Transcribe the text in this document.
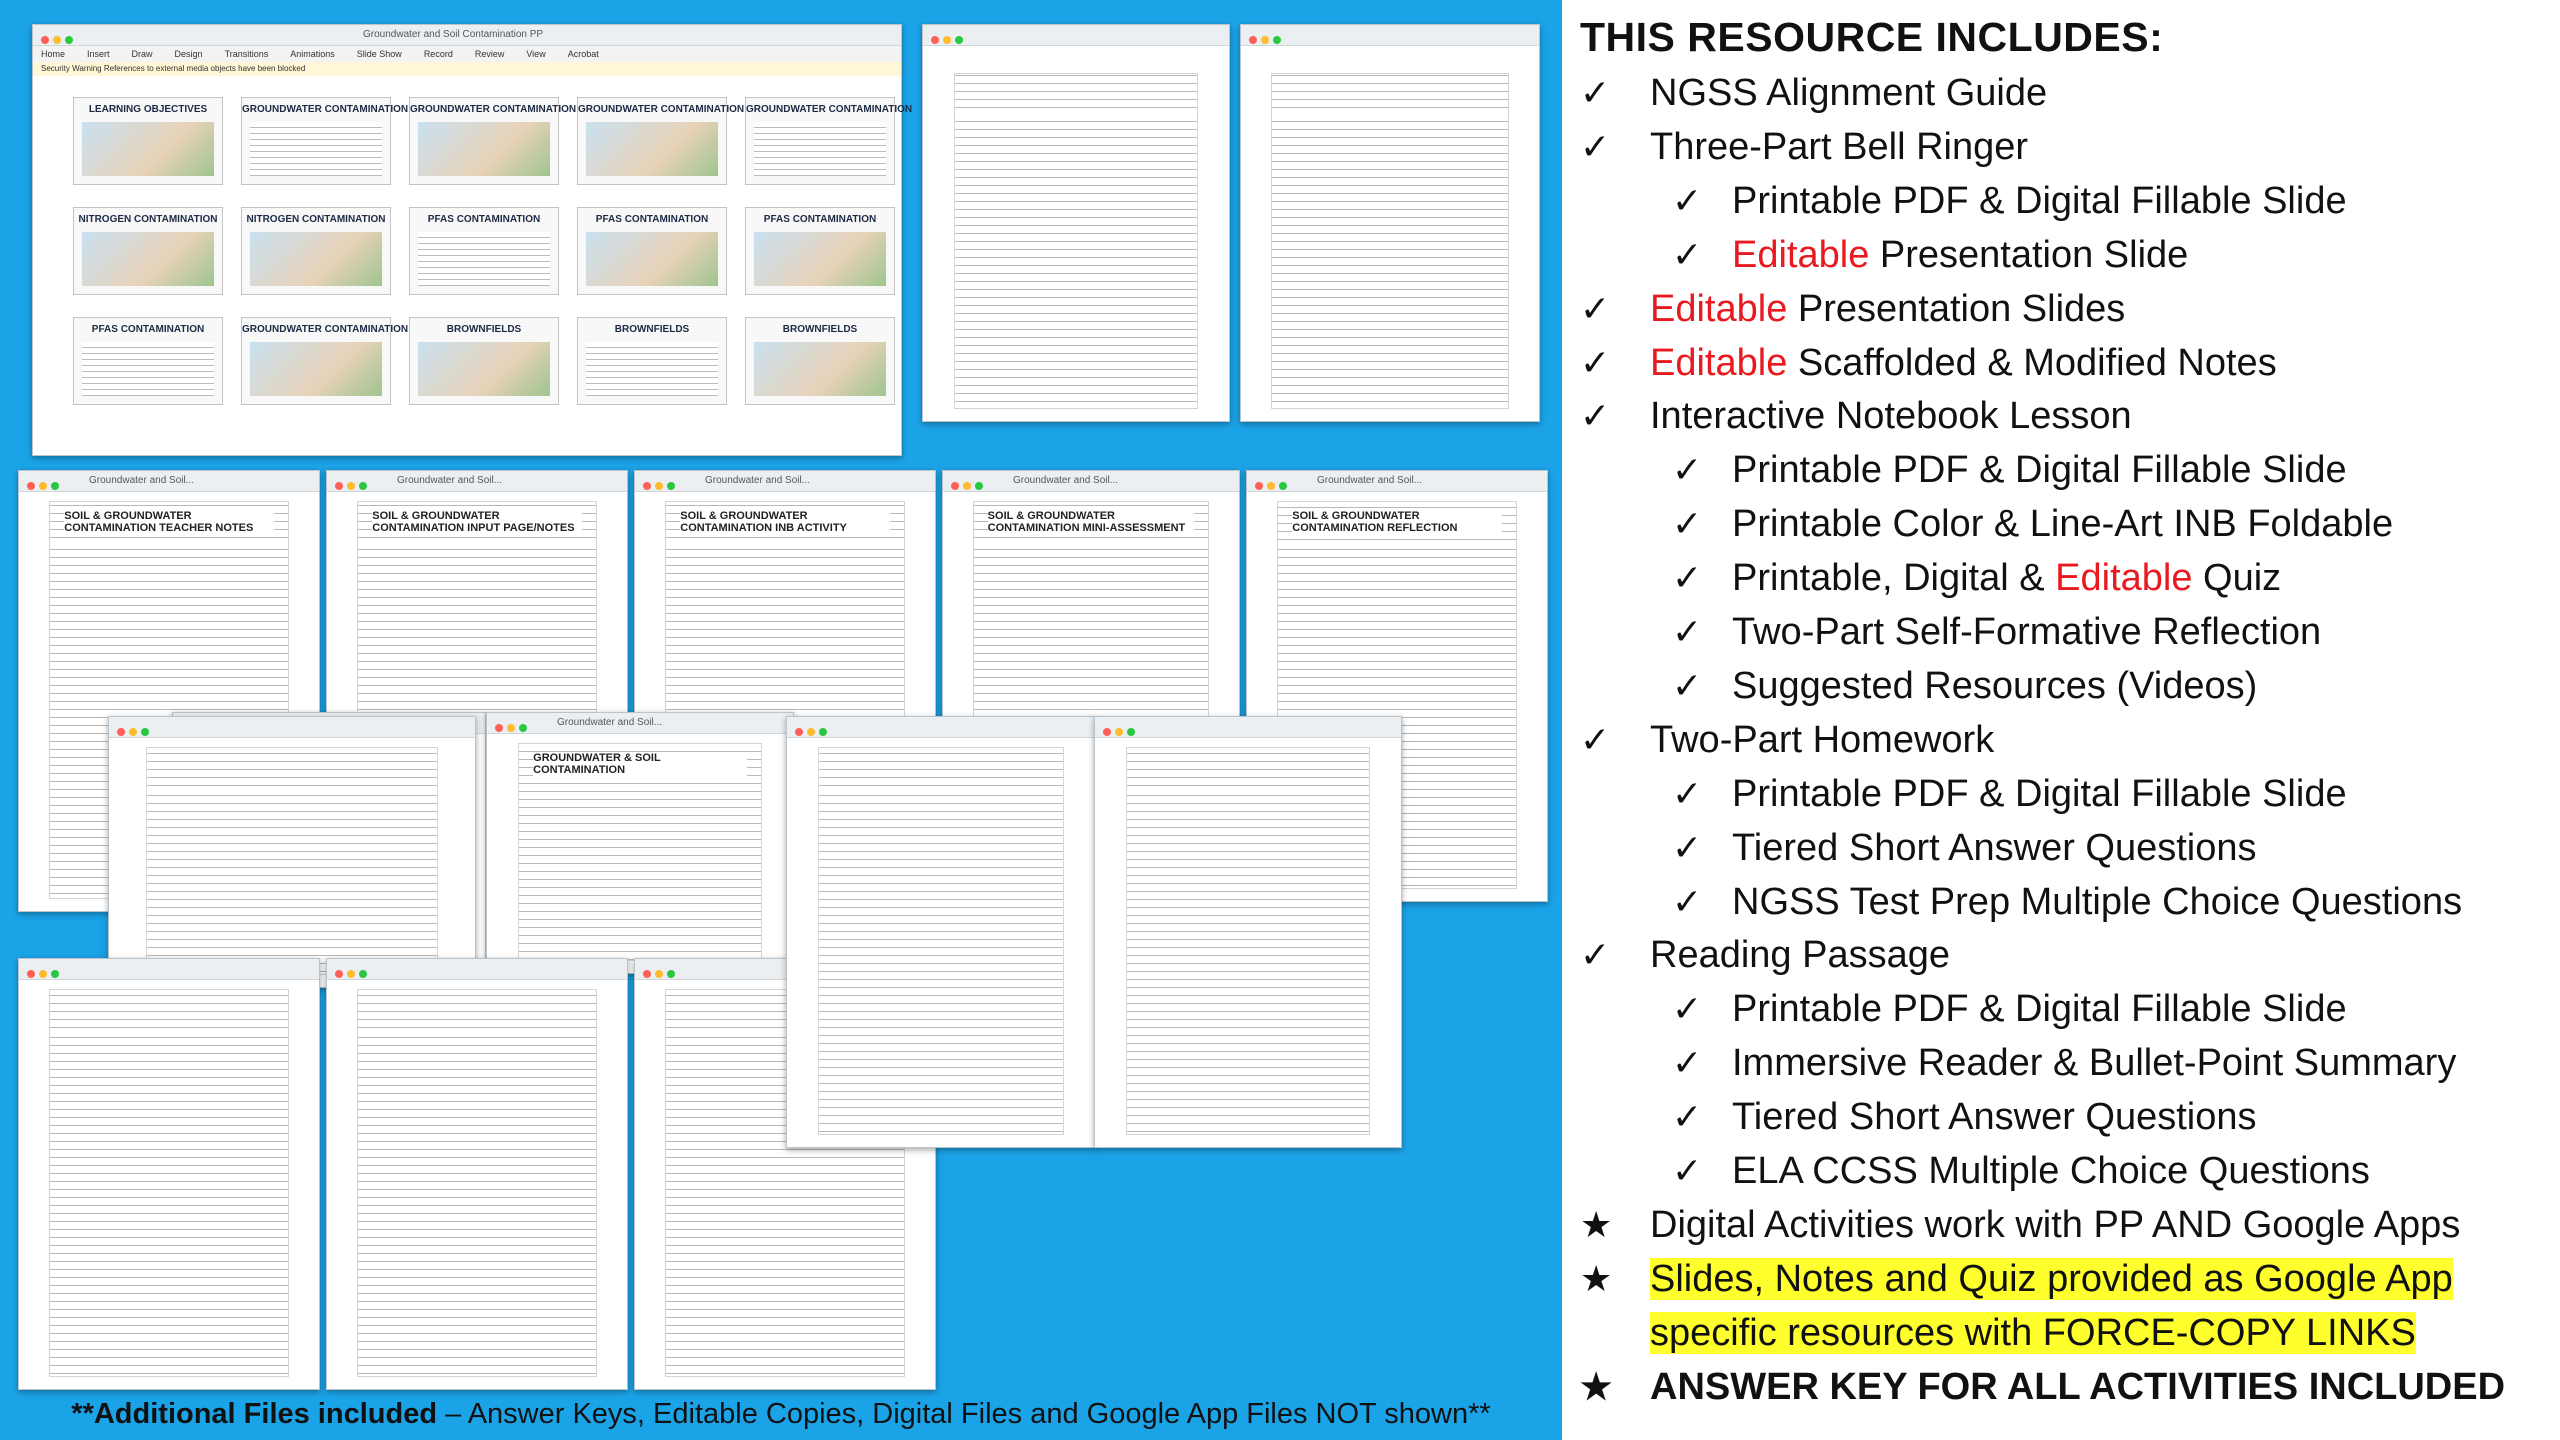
Groundwater and Soil Contamination PP
Home Insert Draw Design Transitions Animations Slide Show Record Review View Acrobat
Security Warning References to external media objects have been blocked
LEARNING OBJECTIVES	GROUNDWATER CONTAMINATION GROUNDWATER CONTAMINATION GROUNDWATER CONTAMINATION GROUNDWATER CONTAMINATION
NITROGEN CONTAMINATION	NITROGEN CONTAMINATION	PFAS CONTAMINATION	PFAS CONTAMINATION	PFAS CONTAMINATION
PFAS CONTAMINATION	GROUNDWATER CONTAMINATION	BROWNFIELDS	BROWNFIELDS	BROWNFIELDS
Groundwater and Soil...
SOIL & GROUNDWATER CONTAMINATION TEACHER NOTES
Groundwater and Soil...
SOIL & GROUNDWATER CONTAMINATION INPUT PAGE/NOTES
Groundwater and Soil...
SOIL & GROUNDWATER CONTAMINATION INB ACTIVITY
Groundwater and Soil...
SOIL & GROUNDWATER CONTAMINATION MINI-ASSESSMENT
Groundwater and Soil...
SOIL & GROUNDWATER CONTAMINATION REFLECTION
Groundwater and Soil...
GROUNDWATER & SOIL CONTAMINATION
THIS RESOURCE INCLUDES:
✓ NGSS Alignment Guide
✓ Three-Part Bell Ringer
✓ Printable PDF & Digital Fillable Slide
✓ Editable Presentation Slide
✓ Editable Presentation Slides
✓ Editable Scaffolded & Modified Notes
✓ Interactive Notebook Lesson
✓ Printable PDF & Digital Fillable Slide
✓ Printable Color & Line-Art INB Foldable
✓ Printable, Digital & Editable Quiz
✓ Two-Part Self-Formative Reflection
✓ Suggested Resources (Videos)
✓ Two-Part Homework
✓ Printable PDF & Digital Fillable Slide
✓ Tiered Short Answer Questions
✓ NGSS Test Prep Multiple Choice Questions
✓ Reading Passage
✓ Printable PDF & Digital Fillable Slide
✓ Immersive Reader & Bullet-Point Summary
✓ Tiered Short Answer Questions
✓ ELA CCSS Multiple Choice Questions
★ Digital Activities work with PP AND Google Apps
★ Slides, Notes and Quiz provided as Google App
specific resources with FORCE-COPY LINKS
★ ANSWER KEY FOR ALL ACTIVITIES INCLUDED
**Additional Files included – Answer Keys, Editable Copies, Digital Files and Google App Files NOT shown**
